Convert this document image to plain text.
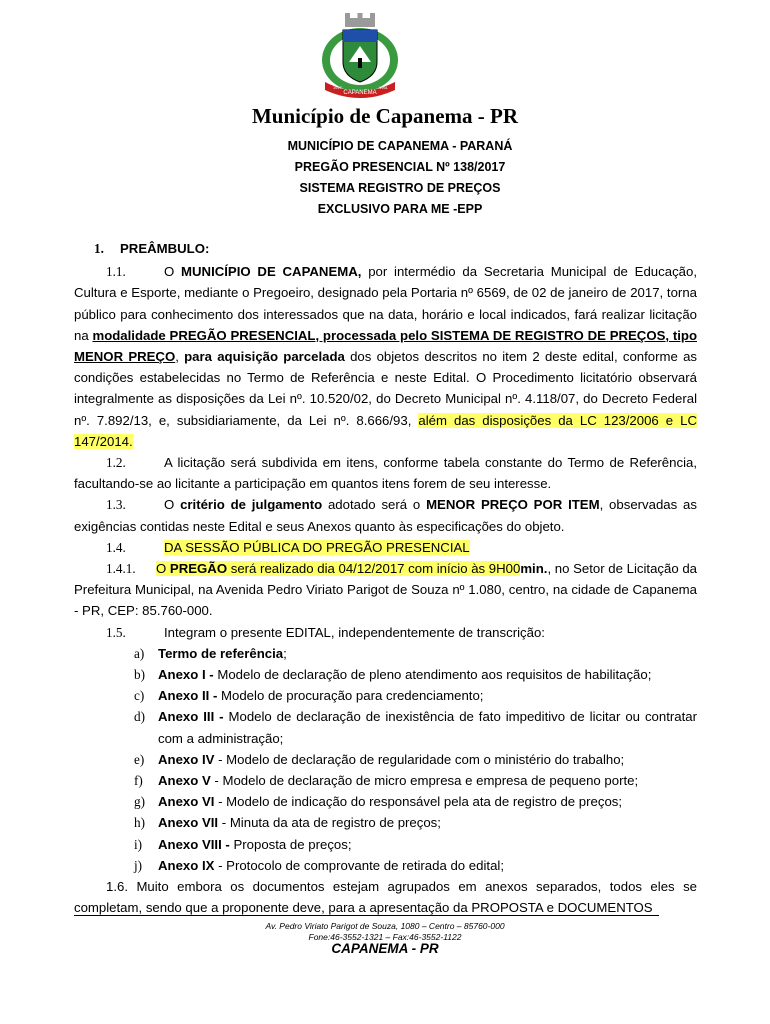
CAPANEMA
1917	1961
Município de Capanema - PR
MUNICÍPIO DE CAPANEMA - PARANÁ
PREGÃO PRESENCIAL Nº 138/2017
SISTEMA REGISTRO DE PREÇOS
EXCLUSIVO PARA ME -EPP

1. PREÂMBULO:

1.1.	O MUNICÍPIO DE CAPANEMA, por intermédio da Secretaria Municipal de Educação, Cultura e Esporte, mediante o Pregoeiro, designado pela Portaria nº 6569, de 02 de janeiro de 2017, torna público para conhecimento dos interessados que na data, horário e local indicados, fará realizar licitação na modalidade PREGÃO PRESENCIAL, processada pelo SISTEMA DE REGISTRO DE PREÇOS, tipo MENOR PREÇO, para aquisição parcelada dos objetos descritos no item 2 deste edital, conforme as condições estabelecidas no Termo de Referência e neste Edital. O Procedimento licitatório observará integralmente as disposições da Lei nº. 10.520/02, do Decreto Municipal nº. 4.118/07, do Decreto Federal nº. 7.892/13, e, subsidiariamente, da Lei nº. 8.666/93, além das disposições da LC 123/2006 e LC 147/2014.

1.2.	A licitação será subdivida em itens, conforme tabela constante do Termo de Referência, facultando-se ao licitante a participação em quantos itens forem de seu interesse.

1.3.	O critério de julgamento adotado será o MENOR PREÇO POR ITEM, observadas as exigências contidas neste Edital e seus Anexos quanto às especificações do objeto.

1.4.	DA SESSÃO PÚBLICA DO PREGÃO PRESENCIAL

1.4.1. O PREGÃO será realizado dia 04/12/2017 com início às 9H00min., no Setor de Licitação da Prefeitura Municipal, na Avenida Pedro Viriato Parigot de Souza nº 1.080, centro, na cidade de Capanema - PR, CEP: 85.760-000.

1.5.	Integram o presente EDITAL, independentemente de transcrição:

a) Termo de referência;
b) Anexo I - Modelo de declaração de pleno atendimento aos requisitos de habilitação;
c) Anexo II - Modelo de procuração para credenciamento;
d) Anexo III - Modelo de declaração de inexistência de fato impeditivo de licitar ou contratar com a administração;
e) Anexo IV - Modelo de declaração de regularidade com o ministério do trabalho;
f) Anexo V - Modelo de declaração de micro empresa e empresa de pequeno porte;
g) Anexo VI - Modelo de indicação do responsável pela ata de registro de preços;
h) Anexo VII - Minuta da ata de registro de preços;
i) Anexo VIII - Proposta de preços;
j) Anexo IX - Protocolo de comprovante de retirada do edital;

1.6. Muito embora os documentos estejam agrupados em anexos separados, todos eles se completam, sendo que a proponente deve, para a apresentação da PROPOSTA e DOCUMENTOS

Av. Pedro Viriato Parigot de Souza, 1080 – Centro – 85760-000
Fone:46-3552-1321 – Fax:46-3552-1122
CAPANEMA - PR
